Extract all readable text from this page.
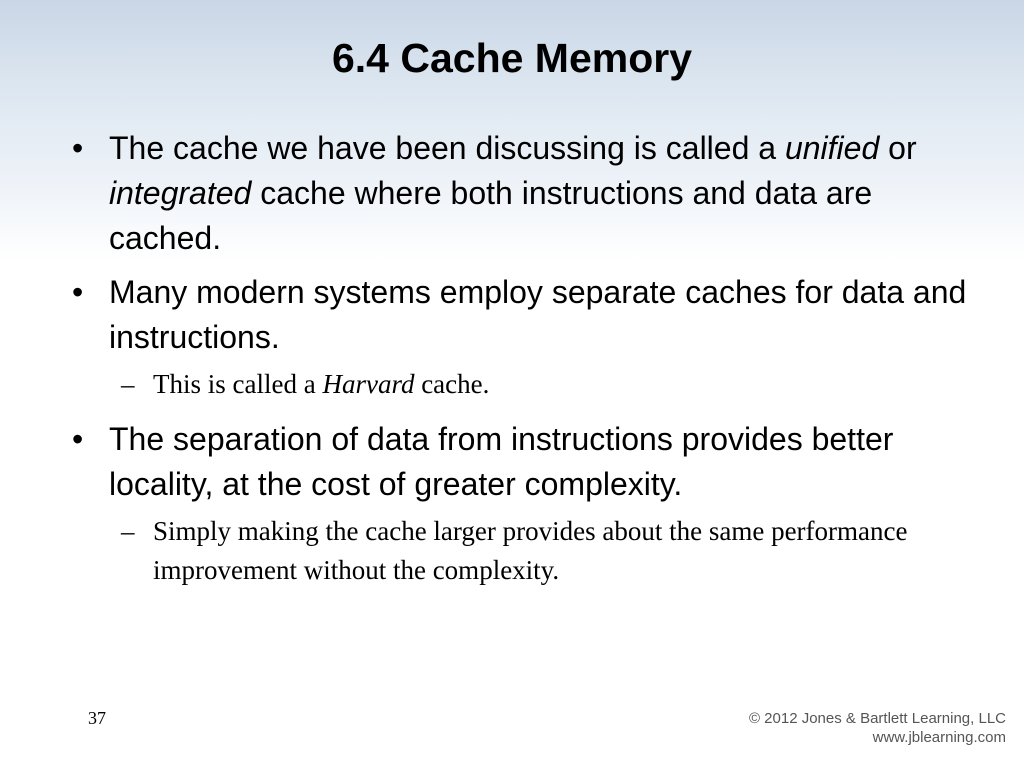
6.4 Cache Memory
• The cache we have been discussing is called a unified or integrated cache where both instructions and data are cached.
• Many modern systems employ separate caches for data and instructions.
– This is called a Harvard cache.
• The separation of data from instructions provides better locality, at the cost of greater complexity.
– Simply making the cache larger provides about the same performance improvement without the complexity.
37	© 2012 Jones & Bartlett Learning, LLC
www.jblearning.com
